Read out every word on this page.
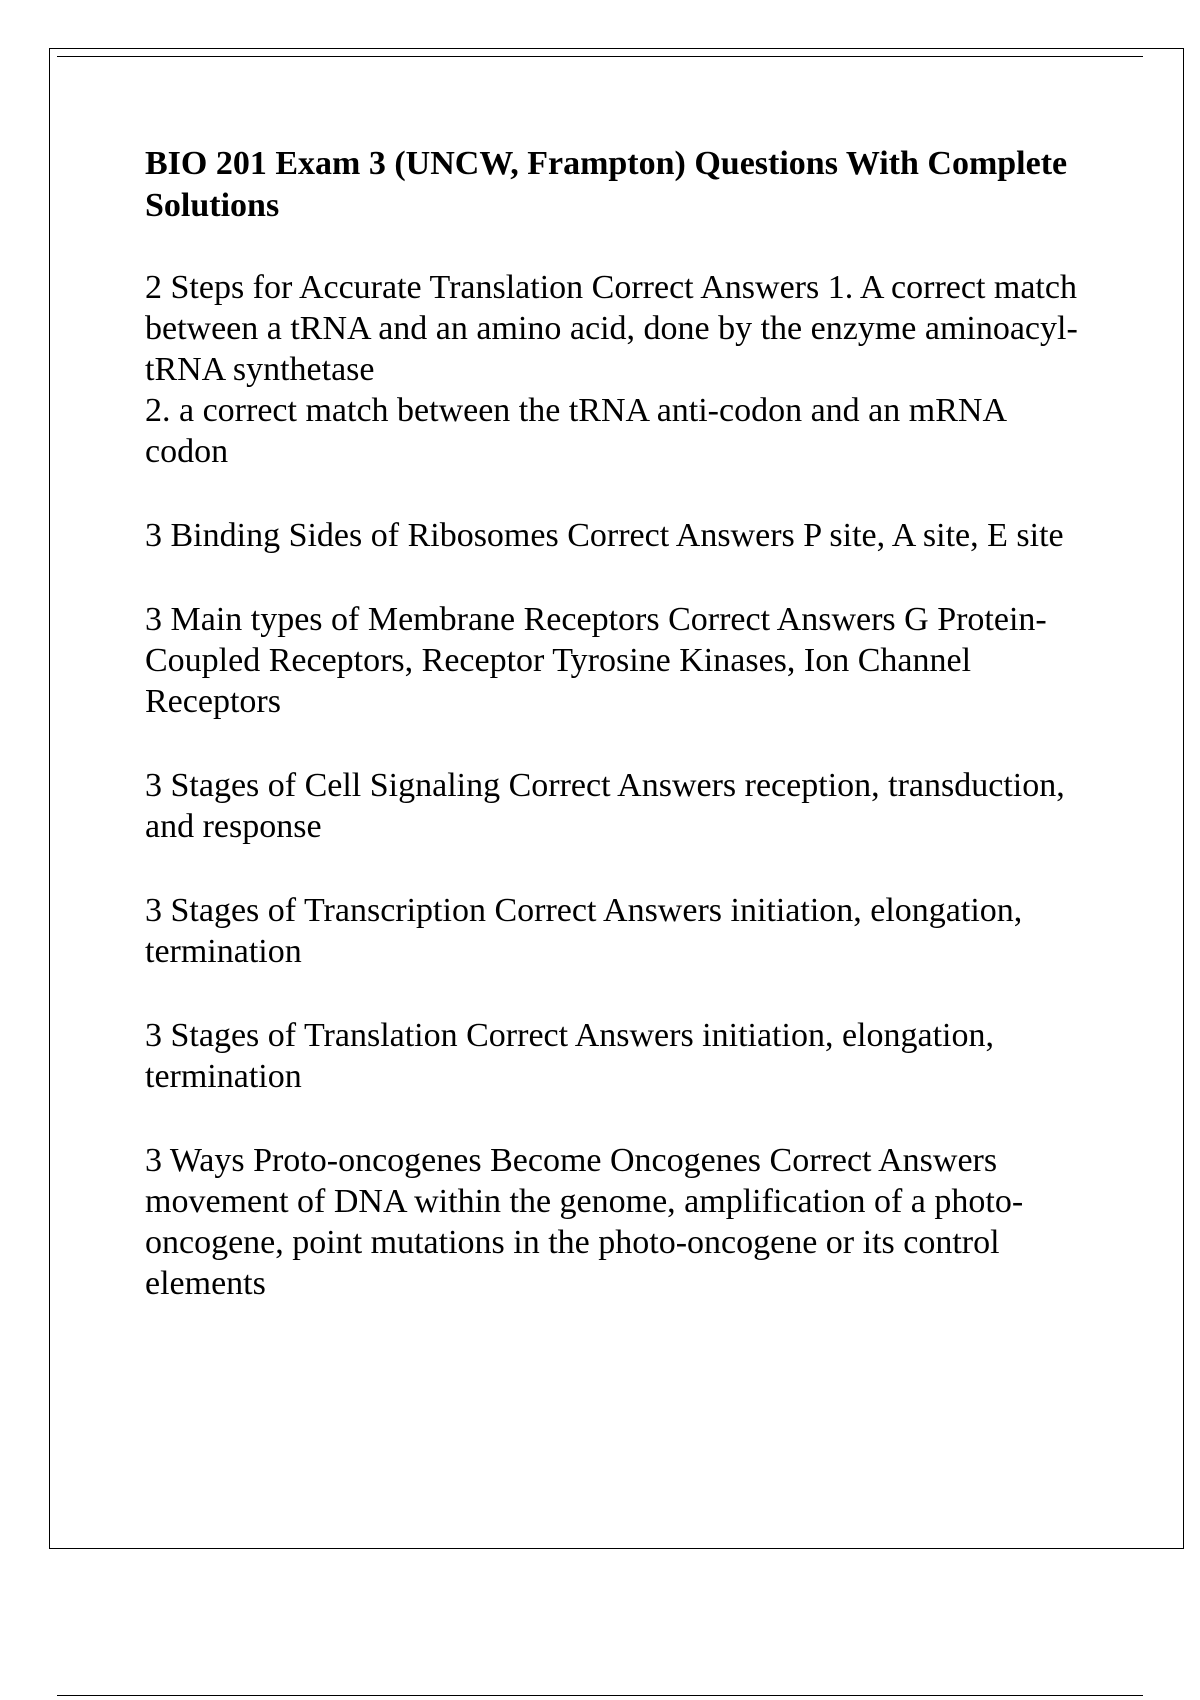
BIO 201 Exam 3 (UNCW, Frampton) Questions With Complete Solutions

2 Steps for Accurate Translation Correct Answers 1. A correct match between a tRNA and an amino acid, done by the enzyme aminoacyl-tRNA synthetase
2. a correct match between the tRNA anti-codon and an mRNA codon

3 Binding Sides of Ribosomes Correct Answers P site, A site, E site

3 Main types of Membrane Receptors Correct Answers G Protein-Coupled Receptors, Receptor Tyrosine Kinases, Ion Channel Receptors

3 Stages of Cell Signaling Correct Answers reception, transduction, and response

3 Stages of Transcription Correct Answers initiation, elongation, termination

3 Stages of Translation Correct Answers initiation, elongation, termination

3 Ways Proto-oncogenes Become Oncogenes Correct Answers movement of DNA within the genome, amplification of a photo-oncogene, point mutations in the photo-oncogene or its control elements
